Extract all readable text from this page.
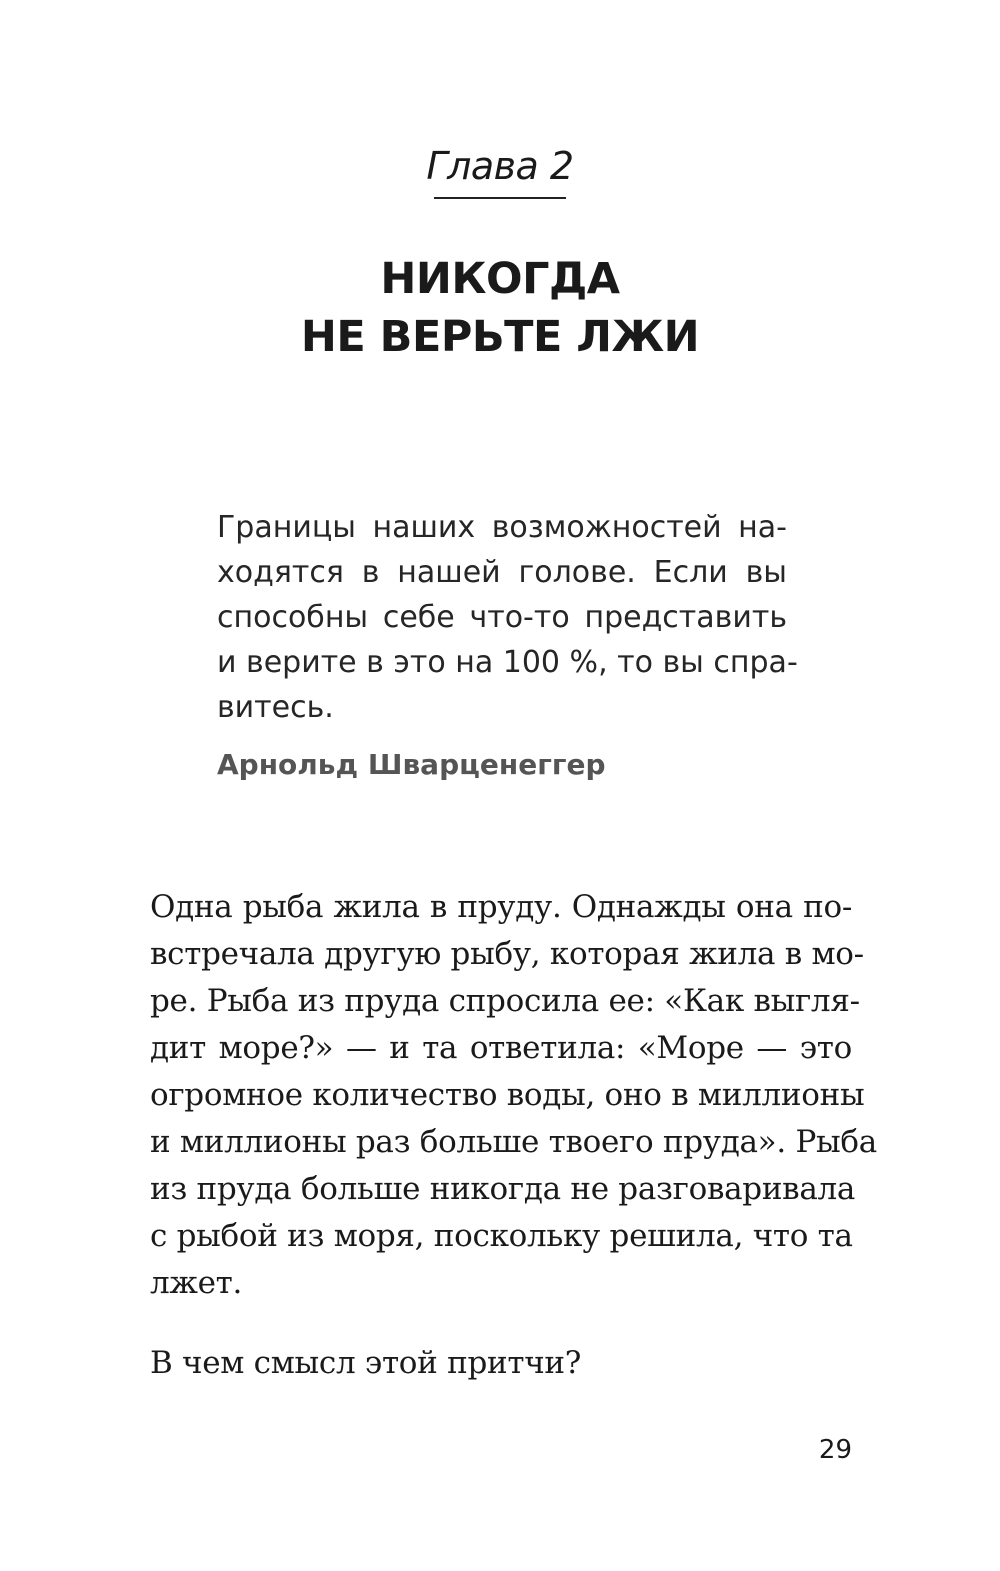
Глава 2
НИКОГДА
НЕ ВЕРЬТЕ ЛЖИ
Границы наших возможностей на-
ходятся в нашей голове. Если вы
способны себе что-то представить
и верите в это на 100 %, то вы спра-
витесь.
Арнольд Шварценеггер
Одна рыба жила в пруду. Однажды она по-
встречала другую рыбу, которая жила в мо-
ре. Рыба из пруда спросила ее: «Как выгля-
дит море?» — и та ответила: «Море — это
огромное количество воды, оно в миллионы
и миллионы раз больше твоего пруда». Рыба
из пруда больше никогда не разговаривала
с рыбой из моря, поскольку решила, что та
лжет.
В чем смысл этой притчи?
29
